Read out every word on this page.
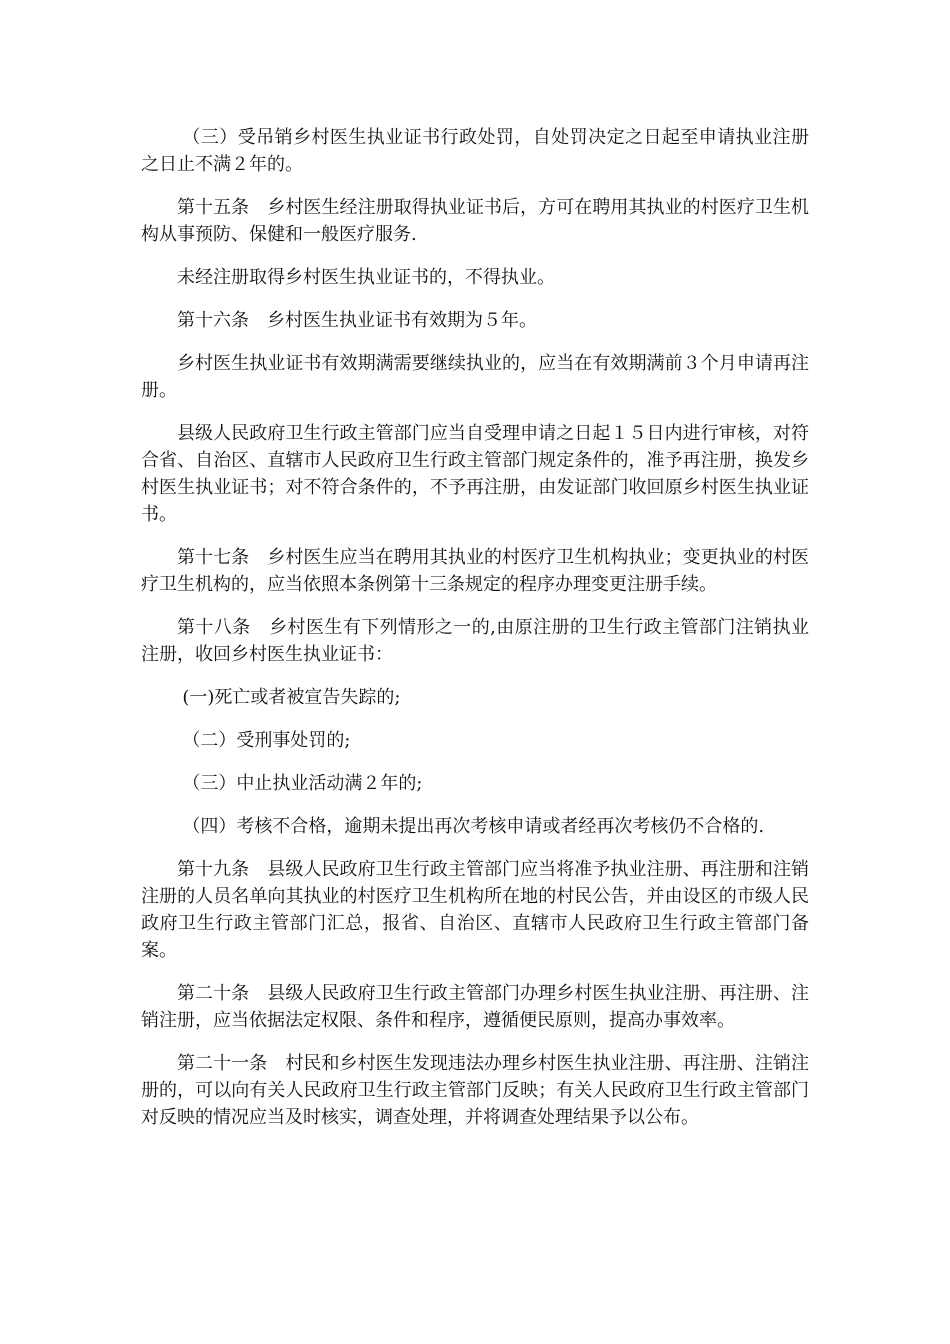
（三）受吊销乡村医生执业证书行政处罚，自处罚决定之日起至申请执业注册之日止不满２年的。

第十五条　乡村医生经注册取得执业证书后，方可在聘用其执业的村医疗卫生机构从事预防、保健和一般医疗服务.

未经注册取得乡村医生执业证书的，不得执业。

第十六条　乡村医生执业证书有效期为５年。

乡村医生执业证书有效期满需要继续执业的，应当在有效期满前３个月申请再注册。

县级人民政府卫生行政主管部门应当自受理申请之日起１５日内进行审核，对符合省、自治区、直辖市人民政府卫生行政主管部门规定条件的，准予再注册，换发乡村医生执业证书；对不符合条件的，不予再注册，由发证部门收回原乡村医生执业证书。

第十七条　乡村医生应当在聘用其执业的村医疗卫生机构执业；变更执业的村医疗卫生机构的，应当依照本条例第十三条规定的程序办理变更注册手续。

第十八条　乡村医生有下列情形之一的,由原注册的卫生行政主管部门注销执业注册，收回乡村医生执业证书：

(一)死亡或者被宣告失踪的;

（二）受刑事处罚的;

（三）中止执业活动满２年的;

（四）考核不合格，逾期未提出再次考核申请或者经再次考核仍不合格的.

第十九条　县级人民政府卫生行政主管部门应当将准予执业注册、再注册和注销注册的人员名单向其执业的村医疗卫生机构所在地的村民公告，并由设区的市级人民政府卫生行政主管部门汇总，报省、自治区、直辖市人民政府卫生行政主管部门备案。

第二十条　县级人民政府卫生行政主管部门办理乡村医生执业注册、再注册、注销注册，应当依据法定权限、条件和程序，遵循便民原则，提高办事效率。

第二十一条　村民和乡村医生发现违法办理乡村医生执业注册、再注册、注销注册的，可以向有关人民政府卫生行政主管部门反映；有关人民政府卫生行政主管部门对反映的情况应当及时核实，调查处理，并将调查处理结果予以公布。
